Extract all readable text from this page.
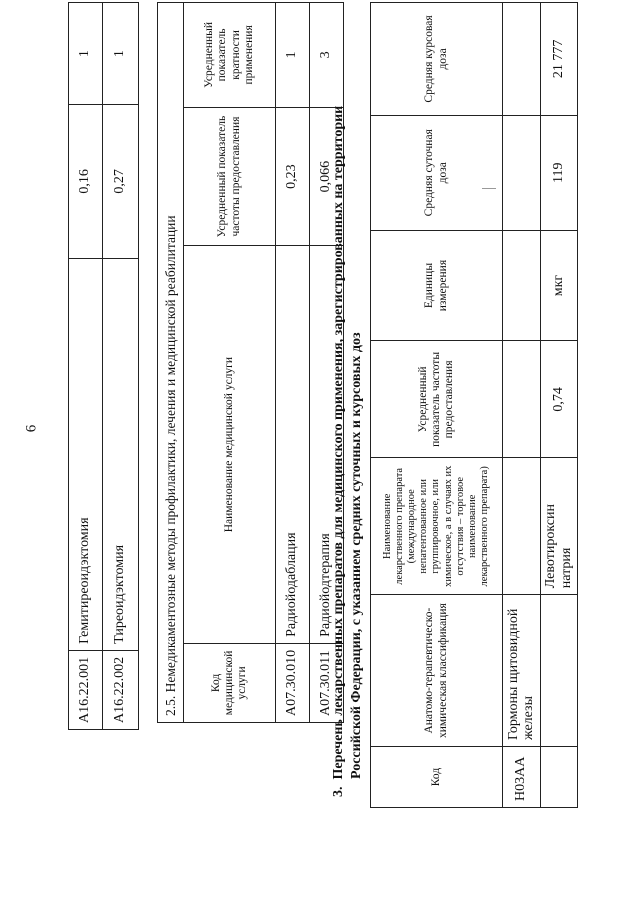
6
A16.22.001	Гемитиреоидэктомия	0,16	1
A16.22.002	Тиреоидэктомия	0,27	1
2.5. Немедикаментозные методы профилактики, лечения и медицинской реабилитации			
Код медицинской услуги	Наименование медицинской услуги	Усредненный показатель частоты предоставления	Усредненный показатель кратности применения
A07.30.010	Радиойодаблация	0,23	1
A07.30.011	Радиойодтерапия	0,066	3
3.  Перечень лекарственных препаратов для медицинского применения, зарегистрированных на территории Российской Федерации, с указанием средних суточных и курсовых доз	Код	Анатомо-терапевтическо-химическая классификация	Наименование лекарственного препарата (международное непатентованное или группировочное, или химическое, а в случаях их отсутствия – торговое наименование лекарственного препарата)	Усредненный показатель частоты предоставления	Единицы измерения	Средняя суточная доза	Средняя курсовая доза
H03AA	Гормоны щитовидной железы					
		Левотироксин натрия	0,74	мкг	119	21 777
